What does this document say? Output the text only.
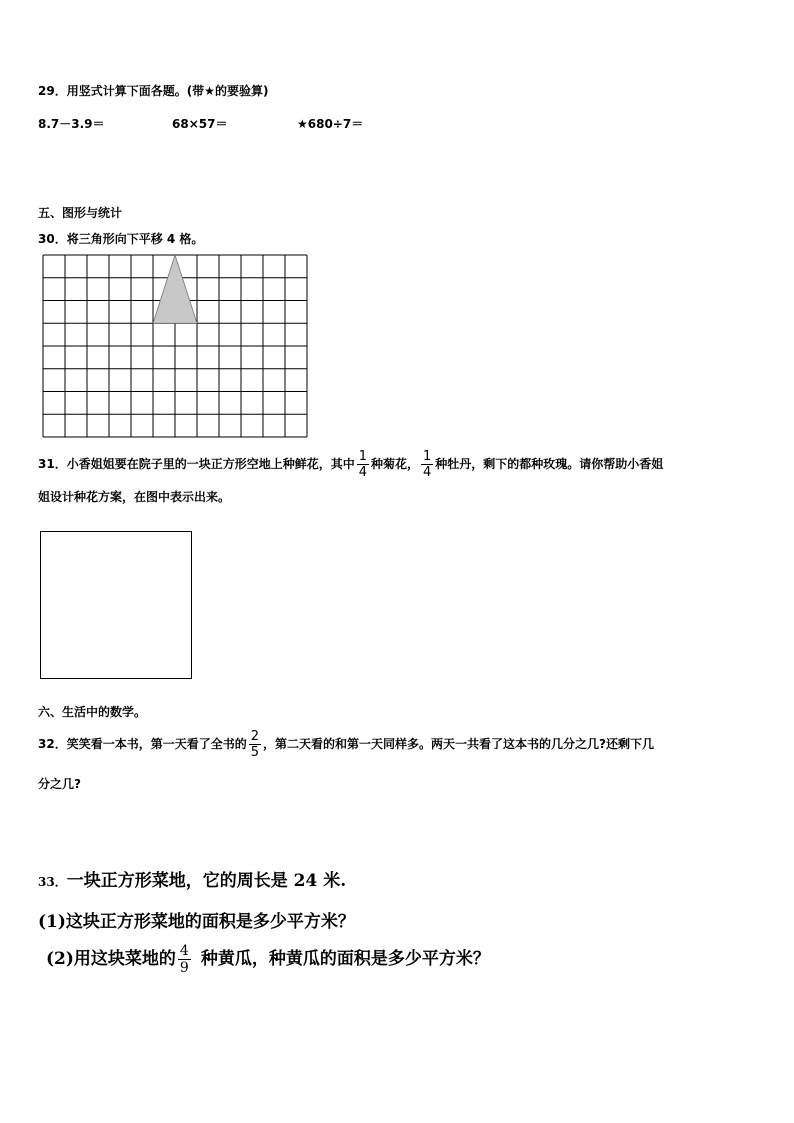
29．用竖式计算下面各题。(带★的要验算)
8.7－3.9＝	68×57＝	★680÷7＝
五、图形与统计
30．将三角形向下平移 4 格。
31．小香姐姐要在院子里的一块正方形空地上种鲜花，其中 $\frac{1}{4}$ 种菊花， $\frac{1}{4}$ 种牡丹，剩下的都种玫瑰。请你帮助小香姐
姐设计种花方案，在图中表示出来。
六、生活中的数学。
32．笑笑看一本书，第一天看了全书的 $\frac{2}{5}$ ，第二天看的和第一天同样多。两天一共看了这本书的几分之几?还剩下几
分之几?
33．一块正方形菜地，它的周长是 24 米.
(1)这块正方形菜地的面积是多少平方米？
(2)用这块菜地的 $\frac{4}{9}$ 种黄瓜，种黄瓜的面积是多少平方米？
